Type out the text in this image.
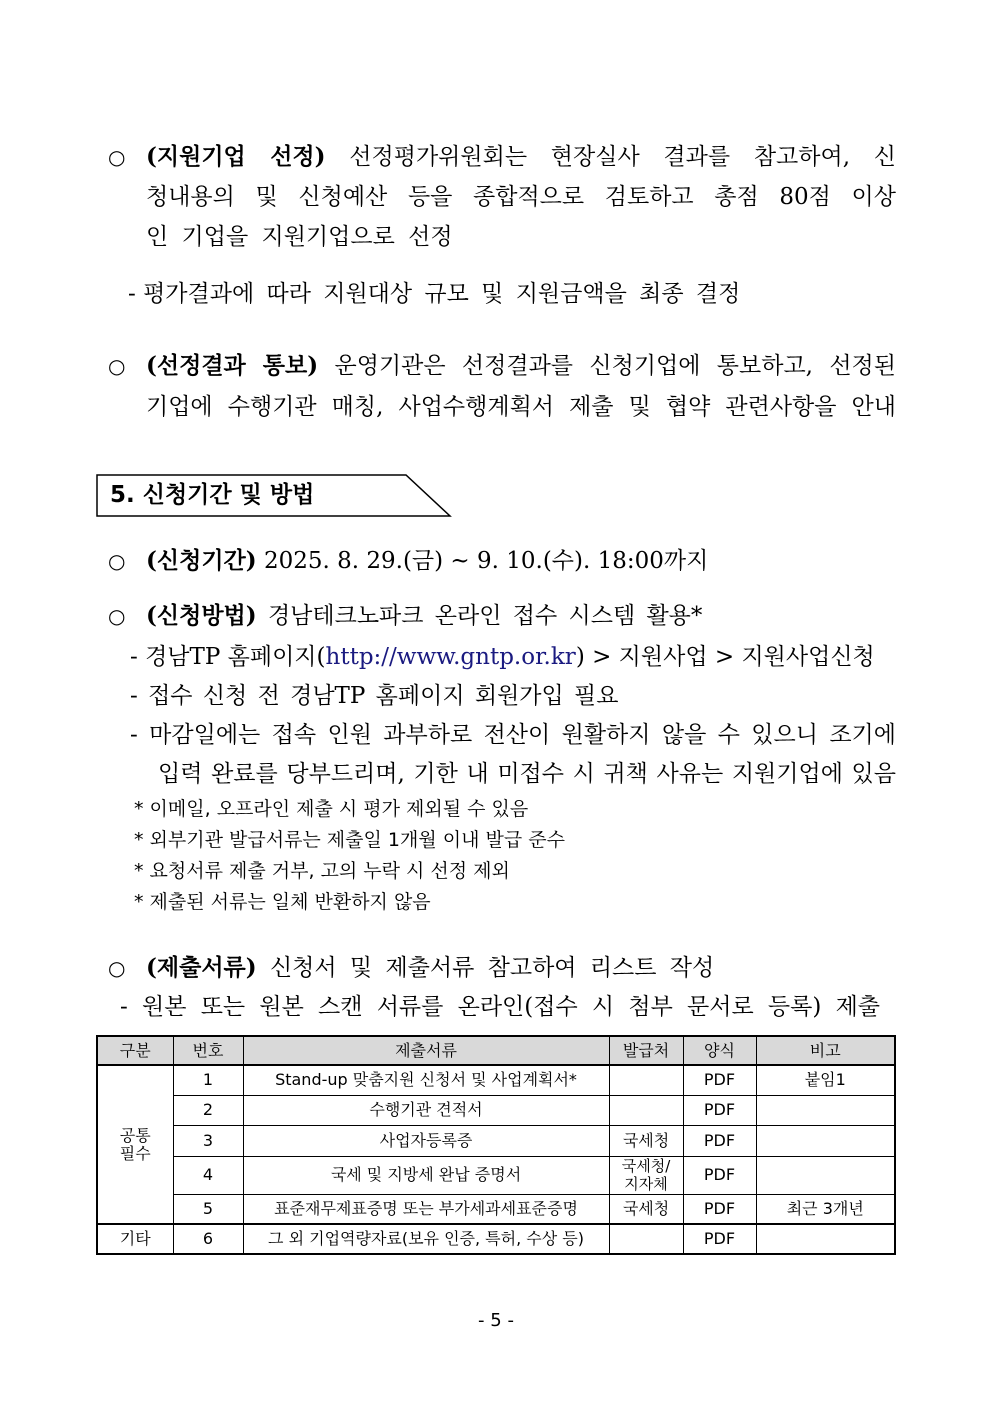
○ (지원기업 선정) 선정평가위원회는 현장실사 결과를 참고하여, 신
청내용의 및 신청예산 등을 종합적으로 검토하고 총점 80점 이상
인 기업을 지원기업으로 선정
- 평가결과에 따라 지원대상 규모 및 지원금액을 최종 결정
○ (선정결과 통보) 운영기관은 선정결과를 신청기업에 통보하고, 선정된
기업에 수행기관 매칭, 사업수행계획서 제출 및 협약 관련사항을 안내
5. 신청기간 및 방법
○ (신청기간) 2025. 8. 29.(금) ~ 9. 10.(수). 18:00까지
○ (신청방법) 경남테크노파크 온라인 접수 시스템 활용*
- 경남TP 홈페이지(http://www.gntp.or.kr) > 지원사업 > 지원사업신청
- 접수 신청 전 경남TP 홈페이지 회원가입 필요
- 마감일에는 접속 인원 과부하로 전산이 원활하지 않을 수 있으니 조기에
입력 완료를 당부드리며, 기한 내 미접수 시 귀책 사유는 지원기업에 있음
* 이메일, 오프라인 제출 시 평가 제외될 수 있음
* 외부기관 발급서류는 제출일 1개월 이내 발급 준수
* 요청서류 제출 거부, 고의 누락 시 선정 제외
* 제출된 서류는 일체 반환하지 않음
○ (제출서류) 신청서 및 제출서류 참고하여 리스트 작성
- 원본 또는 원본 스캔 서류를 온라인(접수 시 첨부 문서로 등록) 제출
구분	번호	제출서류	발급처	양식	비고

공통
필수	1	Stand-up 맞춤지원 신청서 및 사업계획서*		PDF	붙임1
	2	수행기관 견적서		PDF	
	3	사업자등록증	국세청	PDF	
	4	국세 및 지방세 완납 증명서	국세청/
지자체	PDF	
	5	표준재무제표증명 또는 부가세과세표준증명	국세청	PDF	최근 3개년
기타	6	그 외 기업역량자료(보유 인증, 특허, 수상 등)		PDF	
- 5 -
